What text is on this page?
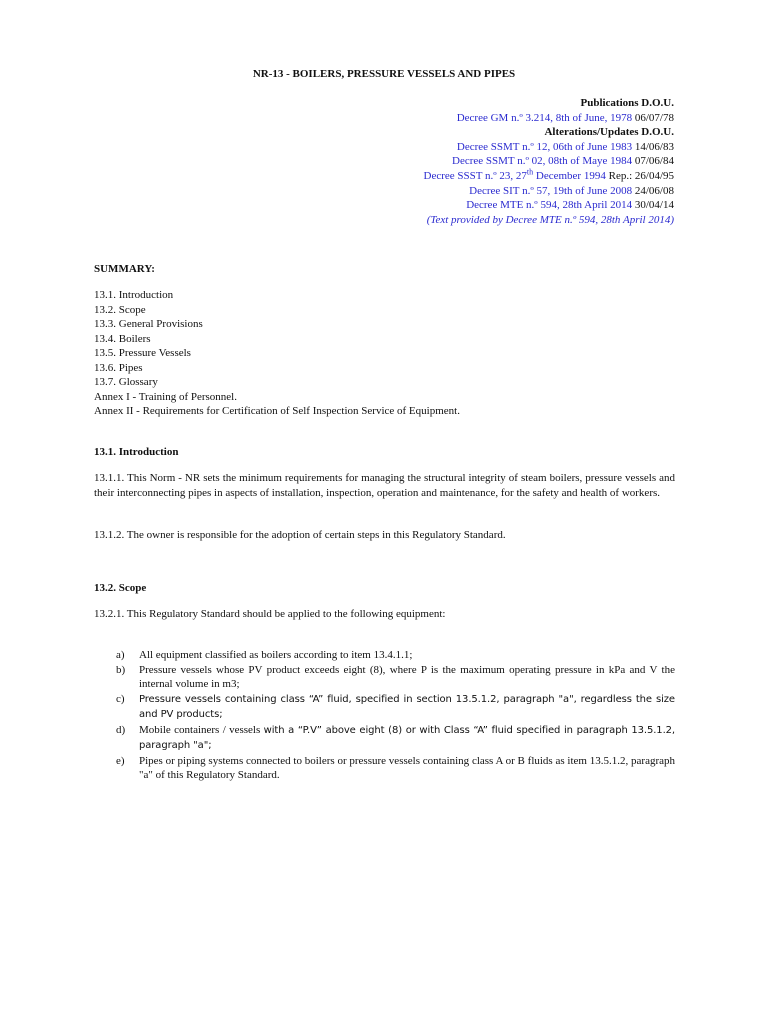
NR-13 - BOILERS, PRESSURE VESSELS AND PIPES
Publications D.O.U.
Decree GM n.º 3.214, 8th of June, 1978 06/07/78
Alterations/Updates D.O.U.
Decree SSMT n.º 12, 06th of June 1983 14/06/83
Decree SSMT n.º 02, 08th of Maye 1984 07/06/84
Decree SSST n.º 23, 27th December 1994 Rep.: 26/04/95
Decree SIT n.º 57, 19th of June 2008 24/06/08
Decree MTE n.º 594, 28th April 2014 30/04/14
(Text provided by Decree MTE n.º 594, 28th April 2014)
SUMMARY:
13.1. Introduction
13.2. Scope
13.3. General Provisions
13.4. Boilers
13.5. Pressure Vessels
13.6. Pipes
13.7. Glossary
Annex I - Training of Personnel.
Annex II - Requirements for Certification of Self Inspection Service of Equipment.
13.1. Introduction
13.1.1. This Norm - NR sets the minimum requirements for managing the structural integrity of steam boilers, pressure vessels and their interconnecting pipes in aspects of installation, inspection, operation and maintenance, for the safety and health of workers.
13.1.2. The owner is responsible for the adoption of certain steps in this Regulatory Standard.
13.2. Scope
13.2.1. This Regulatory Standard should be applied to the following equipment:
a) All equipment classified as boilers according to item 13.4.1.1;
b) Pressure vessels whose PV product exceeds eight (8), where P is the maximum operating pressure in kPa and V the internal volume in m3;
c) Pressure vessels containing class “A” fluid, specified in section 13.5.1.2, paragraph "a", regardless the size and PV products;
d) Mobile containers / vessels with a “P.V” above eight (8) or with Class “A” fluid specified in paragraph 13.5.1.2, paragraph "a";
e) Pipes or piping systems connected to boilers or pressure vessels containing class A or B fluids as item 13.5.1.2, paragraph "a" of this Regulatory Standard.
